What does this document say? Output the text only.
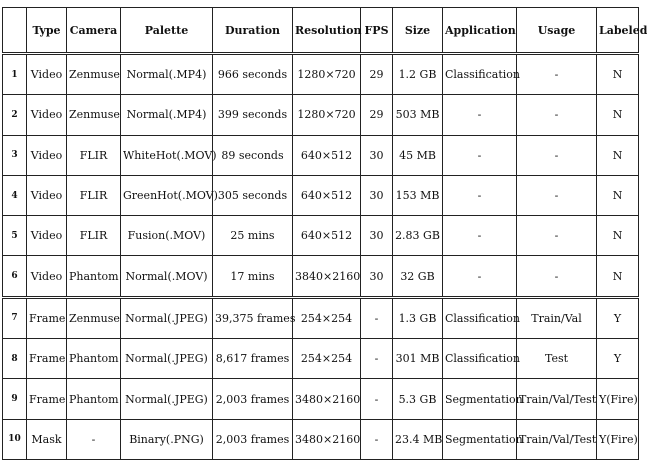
	Type	Camera	Palette	Duration	Resolution	FPS	Size	Application	Usage	Labeled
1	Video	Zenmuse	Normal(.MP4)	966 seconds	1280×720	29	1.2 GB	Classification	-	N
2	Video	Zenmuse	Normal(.MP4)	399 seconds	1280×720	29	503 MB	-	-	N
3	Video	FLIR	WhiteHot(.MOV)	89 seconds	640×512	30	45 MB	-	-	N
4	Video	FLIR	GreenHot(.MOV)	305 seconds	640×512	30	153 MB	-	-	N
5	Video	FLIR	Fusion(.MOV)	25 mins	640×512	30	2.83 GB	-	-	N
6	Video	Phantom	Normal(.MOV)	17 mins	3840×2160	30	32 GB	-	-	N
7	Frame	Zenmuse	Normal(.JPEG)	39,375 frames	254×254	-	1.3 GB	Classification	Train/Val	Y
8	Frame	Phantom	Normal(.JPEG)	8,617 frames	254×254	-	301 MB	Classification	Test	Y
9	Frame	Phantom	Normal(.JPEG)	2,003 frames	3480×2160	-	5.3 GB	Segmentation	Train/Val/Test	Y(Fire)
10	Mask	-	Binary(.PNG)	2,003 frames	3480×2160	-	23.4 MB	Segmentation	Train/Val/Test	Y(Fire)
